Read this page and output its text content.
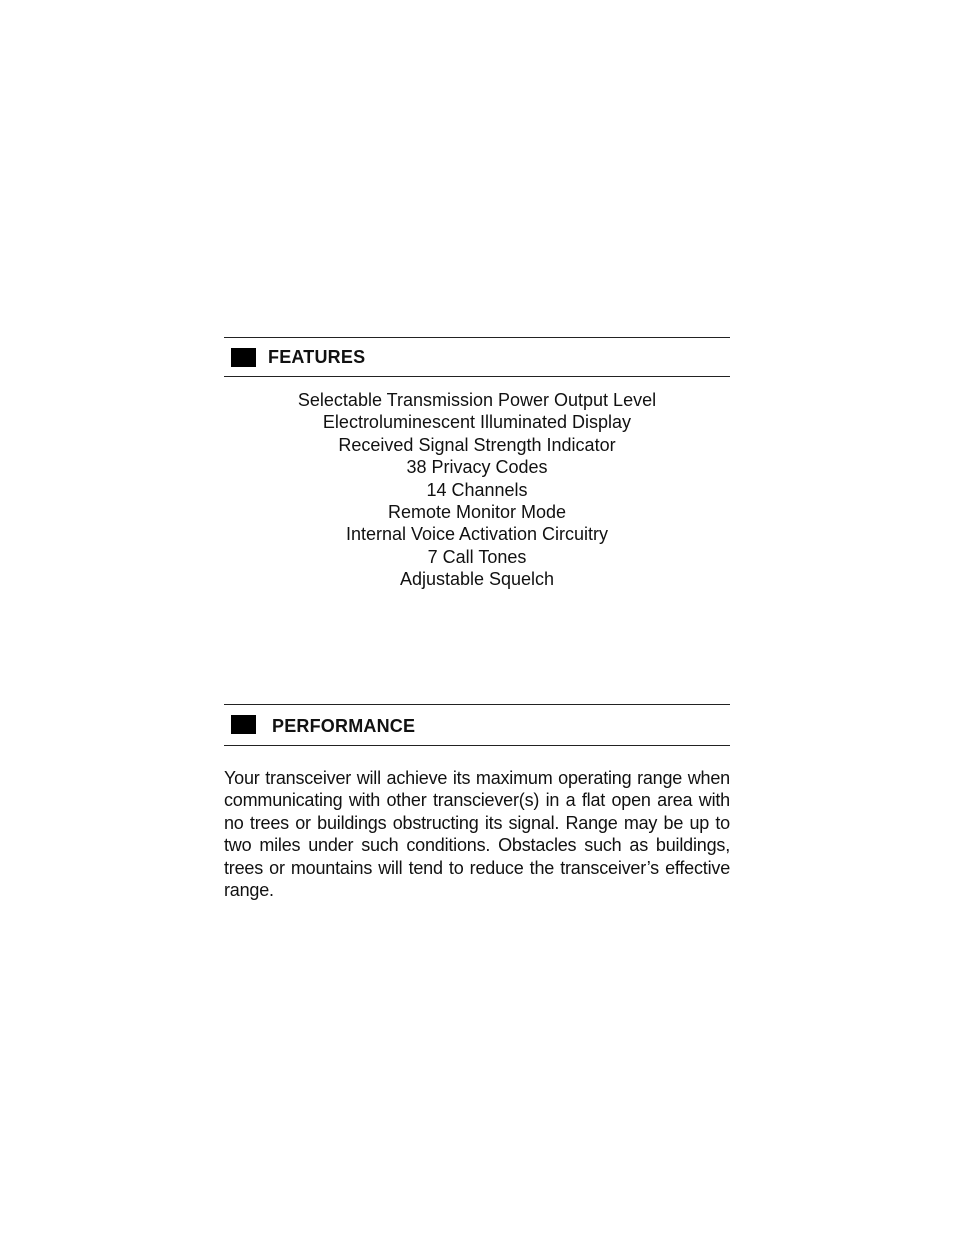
FEATURES
Selectable Transmission Power Output Level
Electroluminescent Illuminated Display
Received Signal Strength Indicator
38 Privacy Codes
14 Channels
Remote Monitor Mode
Internal Voice Activation Circuitry
7 Call Tones
Adjustable Squelch
PERFORMANCE

Your transceiver will achieve its maximum operating range when communicating with other transciever(s) in a flat open area with no trees or buildings obstructing its signal. Range may be up to two miles under such conditions. Obstacles such as buildings, trees or mountains will tend to reduce the transceiver’s effective range.
